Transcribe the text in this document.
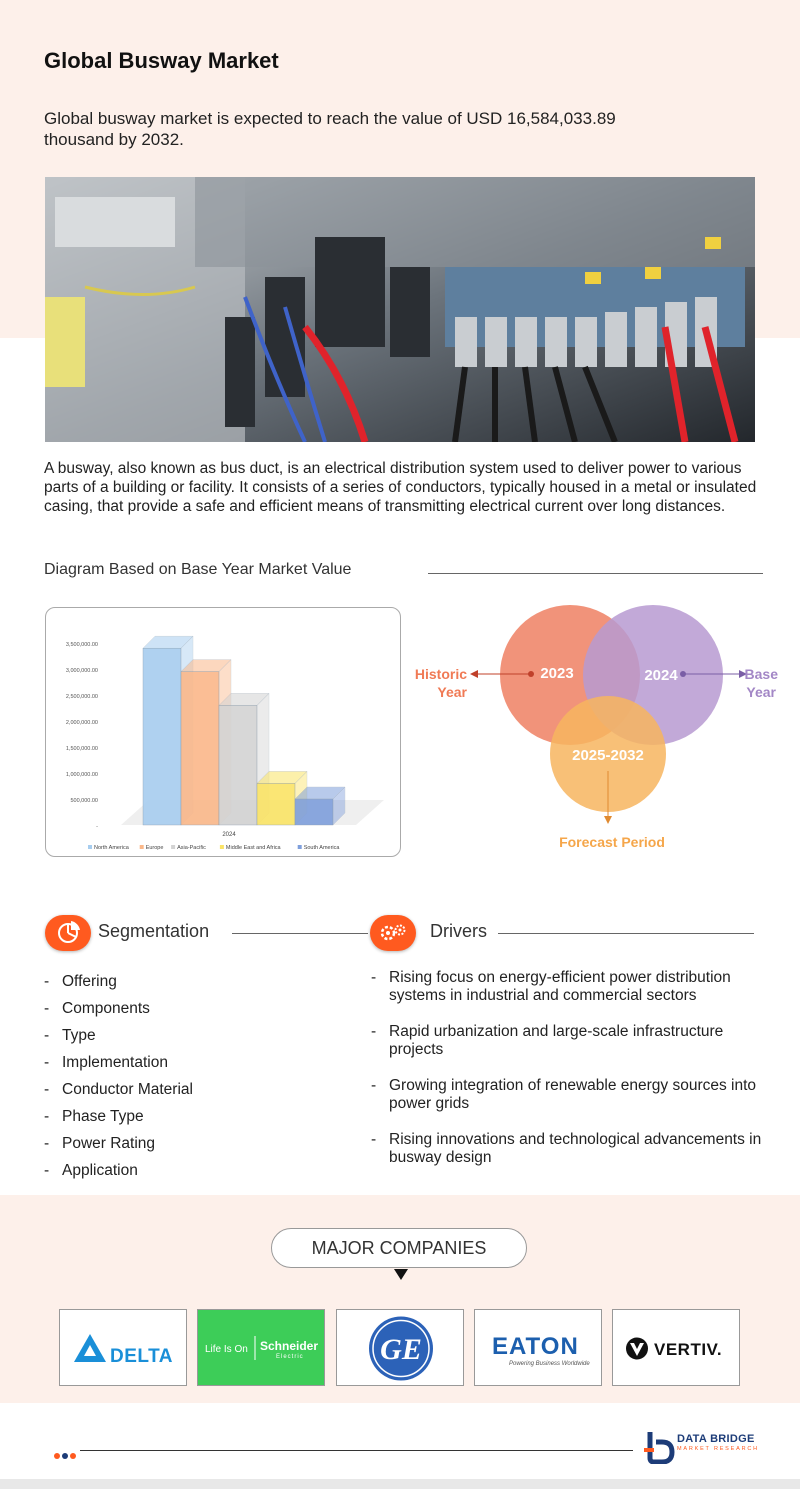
Global Busway Market

Global busway market is expected to reach the value of USD 16,584,033.89 thousand by 2032.

A busway, also known as bus duct, is an electrical distribution system used to deliver power to various parts of a building or facility. It consists of a series of conductors, typically housed in a metal or insulated casing, that provide a safe and efficient means of transmitting electrical current over long distances.

Diagram Based on Base Year Market Value
3,500,000.00
3,000,000.00
2,500,000.00
2,000,000.00
1,500,000.00
1,000,000.00
500,000.00
-
2024
North America	Europe Asia-Pacific	Middle East and Africa	South America
2023	2024
2025-2032
Historic
Year
Base
Year
Forecast Period
Segmentation	Drivers
- Offering
- Components
- Type
- Implementation
- Conductor Material
- Phase Type
- Power Rating
- Application
- Rising focus on energy-efficient power distribution systems in industrial and commercial sectors
- Rapid urbanization and large-scale infrastructure projects
- Growing integration of renewable energy sources into power grids
- Rising innovations and technological advancements in busway design
MAJOR COMPANIES
DELTA	Life Is On Schneider
Electric	GE	EATON
Powering Business Worldwide
VERTIV.
DATA BRIDGE
MARKET RESEARCH
